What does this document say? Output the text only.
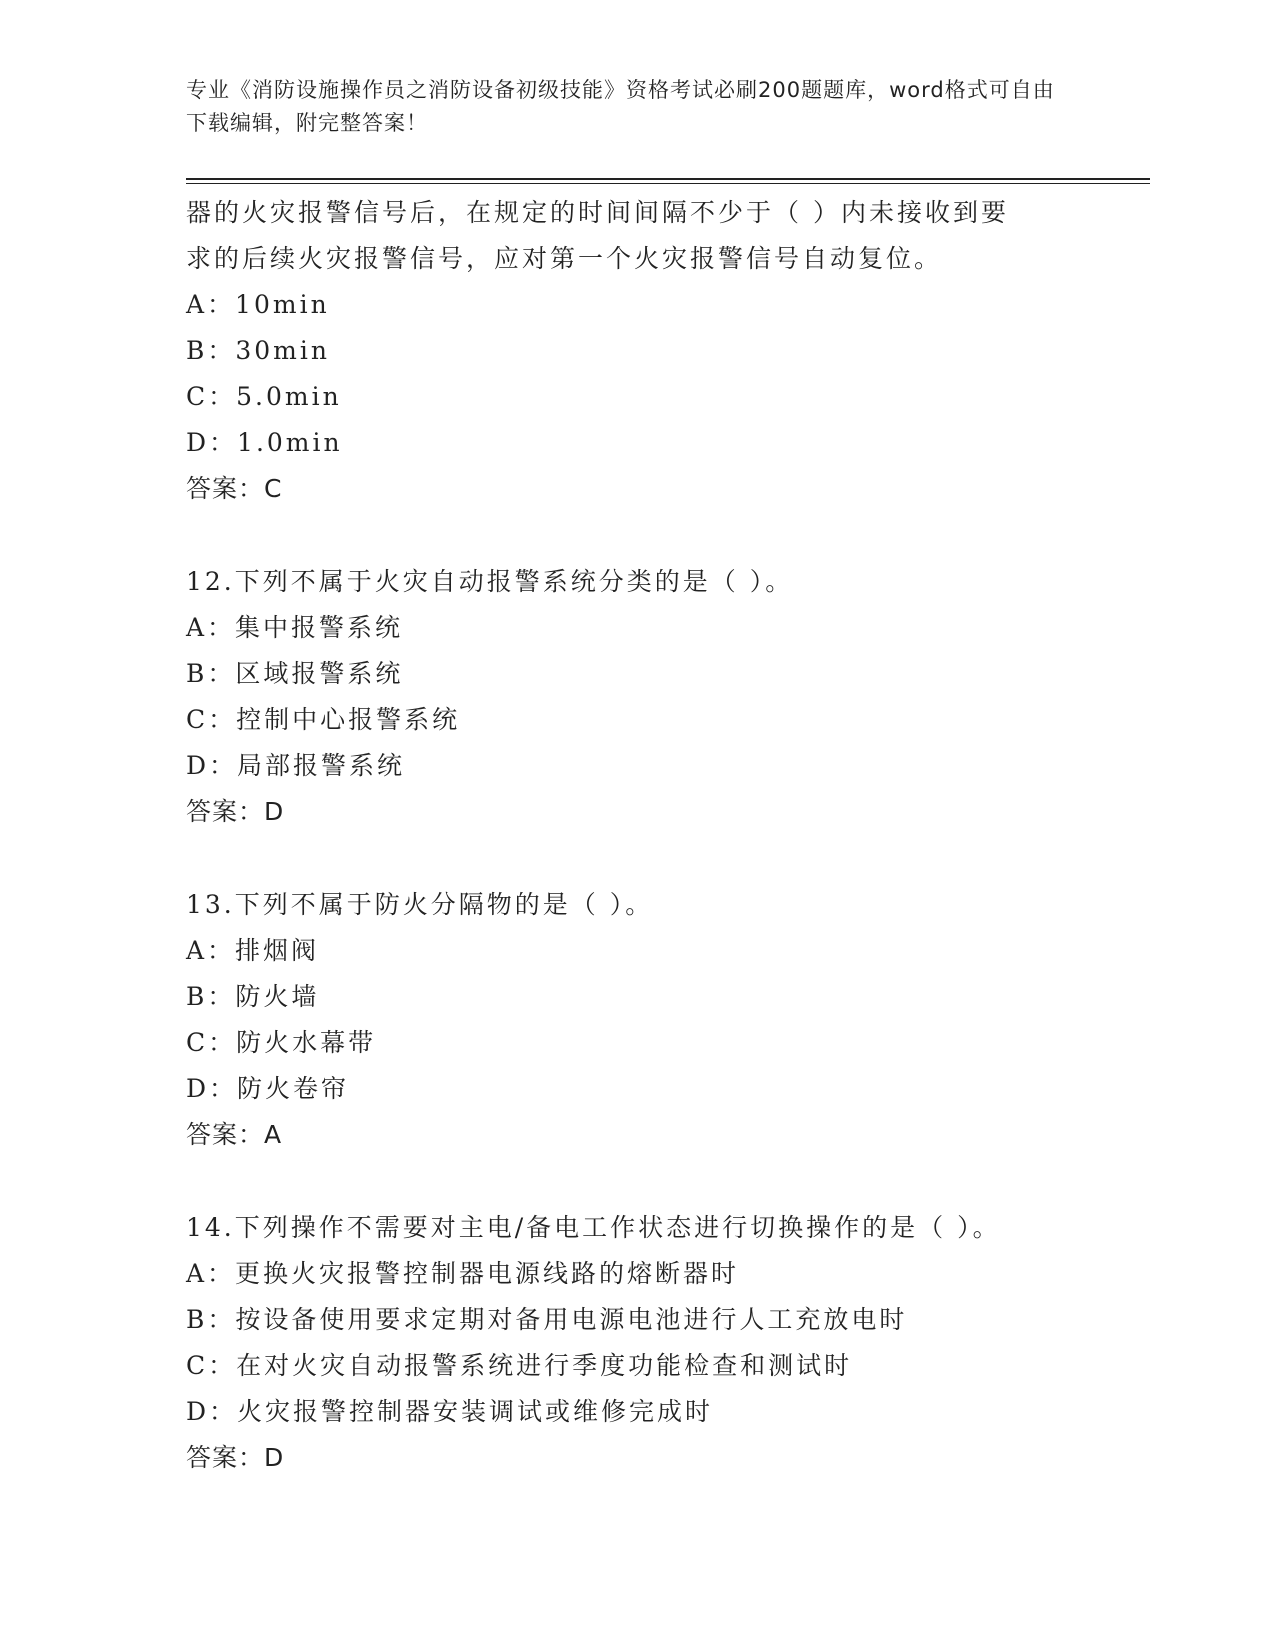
专业《消防设施操作员之消防设备初级技能》资格考试必刷200题题库，word格式可自由下载编辑，附完整答案！
器的火灾报警信号后，在规定的时间间隔不少于（ ）内未接收到要
求的后续火灾报警信号，应对第一个火灾报警信号自动复位。
A：10min
B：30min
C：5.0min
D：1.0min
答案：C
12.下列不属于火灾自动报警系统分类的是（ ）。
A：集中报警系统
B：区域报警系统
C：控制中心报警系统
D：局部报警系统
答案：D
13.下列不属于防火分隔物的是（ ）。
A：排烟阀
B：防火墙
C：防火水幕带
D：防火卷帘
答案：A
14.下列操作不需要对主电/备电工作状态进行切换操作的是（ ）。
A：更换火灾报警控制器电源线路的熔断器时
B：按设备使用要求定期对备用电源电池进行人工充放电时
C：在对火灾自动报警系统进行季度功能检查和测试时
D：火灾报警控制器安装调试或维修完成时
答案：D
